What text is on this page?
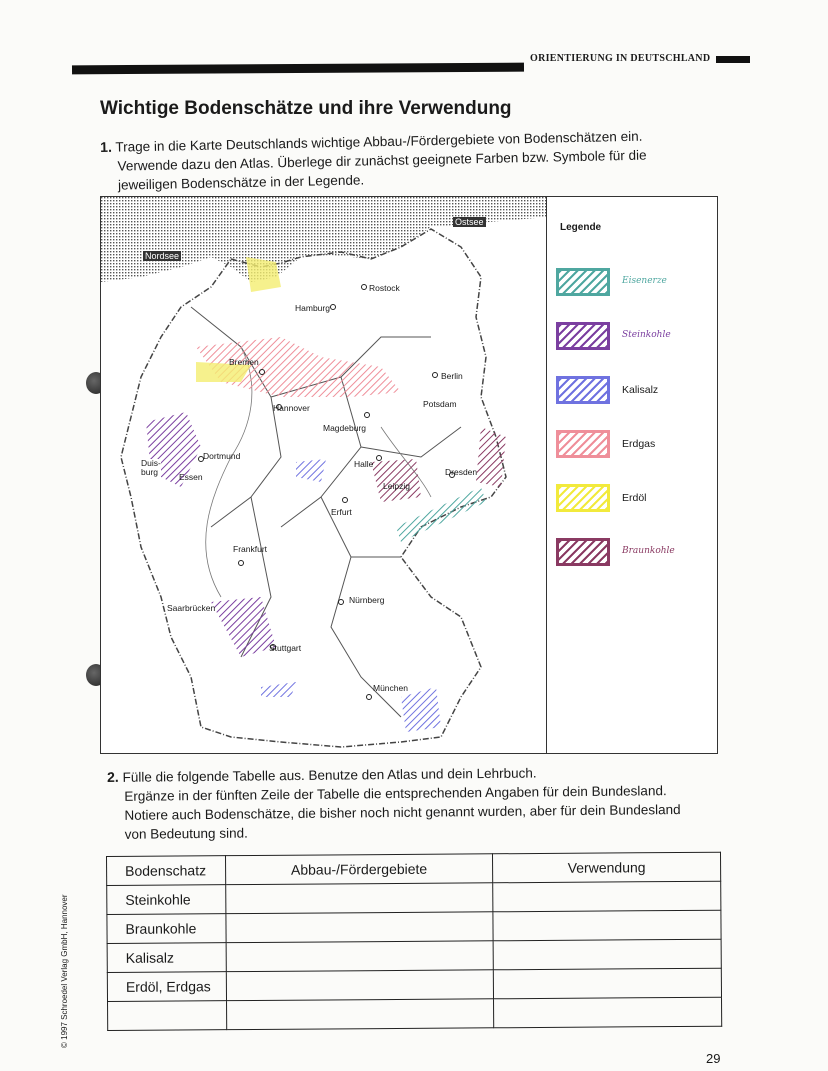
ORIENTIERUNG IN DEUTSCHLAND
Wichtige Bodenschätze und ihre Verwendung
1. Trage in die Karte Deutschlands wichtige Abbau-/Fördergebiete von Bodenschätzen ein.
Verwende dazu den Atlas. Überlege dir zunächst geeignete Farben bzw. Symbole für die
jeweiligen Bodenschätze in der Legende.
Nordsee
Ostsee
Rostock
Hamburg
Bremen
Berlin
Hannover	Potsdam
Magdeburg
Dortmund
Halle
Dresden
Duis-
burg	Essen
Leipzig
Erfurt
Frankfurt
Nürnberg
Saarbrücken
Stuttgart
München
Legende
Eisenerze
Steinkohle
Kalisalz
Erdgas
Erdöl
Braunkohle
2. Fülle die folgende Tabelle aus. Benutze den Atlas und dein Lehrbuch.
Ergänze in der fünften Zeile der Tabelle die entsprechenden Angaben für dein Bundesland.
Notiere auch Bodenschätze, die bisher noch nicht genannt wurden, aber für dein Bundesland
von Bedeutung sind.
Bodenschatz	Abbau-/Fördergebiete	Verwendung
Steinkohle		
Braunkohle		
Kalisalz		
Erdöl, Erdgas		

© 1997 Schroedel Verlag GmbH, Hannover
29
